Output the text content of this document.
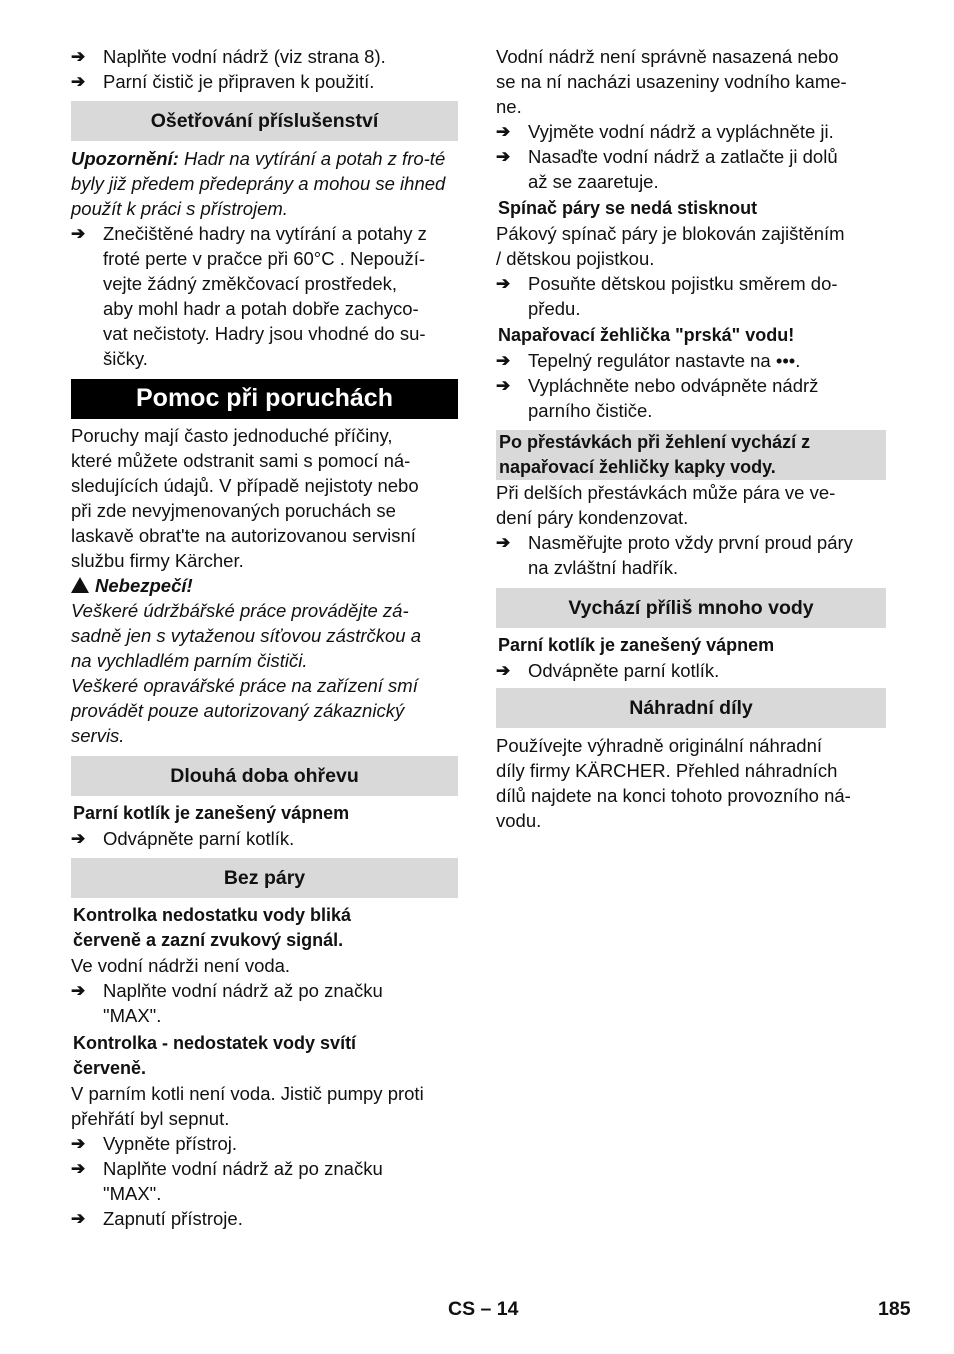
➔ Naplňte vodní nádrž (viz strana 8).
➔ Parní čistič je připraven k použití.
Ošetřování příslušenství

Upozornění: Hadr na vytírání a potah z fro-té byly již předem předeprány a mohou se ihned použít k práci s přístrojem.

➔ Znečištěné hadry na vytírání a potahy z
froté perte v pračce při 60°C . Nepouží-
vejte žádný změkčovací prostředek,
aby mohl hadr a potah dobře zachyco-
vat nečistoty. Hadry jsou vhodné do su-
šičky.
Pomoc při poruchách

Poruchy mají často jednoduché příčiny,

které můžete odstranit sami s pomocí ná-

sledujících údajů. V případě nejistoty nebo

při zde nevyjmenovaných poruchách se

laskavě obrat'te na autorizovanou servisní

službu firmy Kärcher.

Nebezpečí!

Veškeré údržbářské práce provádějte zá-

sadně jen s vytaženou síťovou zástrčkou a

na vychladlém parním čističi.

Veškeré opravářské práce na zařízení smí

provádět pouze autorizovaný zákaznický

servis.

Dlouhá doba ohřevu
Parní kotlík je zanešený vápnem
➔ Odvápněte parní kotlík.
Bez páry
Kontrolka nedostatku vody bliká
červeně a zazní zvukový signál.

Ve vodní nádrži není voda.

➔ Naplňte vodní nádrž až po značku
"MAX".
Kontrolka - nedostatek vody svítí
červeně.

V parním kotli není voda. Jistič pumpy proti

přehřátí byl sepnut.

➔ Vypněte přístroj.
➔ Naplňte vodní nádrž až po značku
"MAX".
➔ Zapnutí přístroje.

Vodní nádrž není správně nasazená nebo

se na ní nacházi usazeniny vodního kame-

ne.

➔ Vyjměte vodní nádrž a vypláchněte ji.
➔ Nasaďte vodní nádrž a zatlačte ji dolů
až se zaaretuje.
Spínač páry se nedá stisknout

Pákový spínač páry je blokován zajištěním

/ dětskou pojistkou.

➔ Posuňte dětskou pojistku směrem do-
předu.
Napařovací žehlička "prská" vodu!
➔ Tepelný regulátor nastavte na •••.
➔ Vypláchněte nebo odvápněte nádrž
parního čističe.
Po přestávkách při žehlení vychází z
napařovací žehličky kapky vody.

Při delších přestávkách může pára ve ve-

dení páry kondenzovat.

➔ Nasměřujte proto vždy první proud páry
na zvláštní hadřík.
Vychází příliš mnoho vody
Parní kotlík je zanešený vápnem
➔ Odvápněte parní kotlík.
Náhradní díly

Používejte výhradně originální náhradní

díly firmy KÄRCHER. Přehled náhradních

dílů najdete na konci tohoto provozního ná-

vodu.

CS – 14	185
